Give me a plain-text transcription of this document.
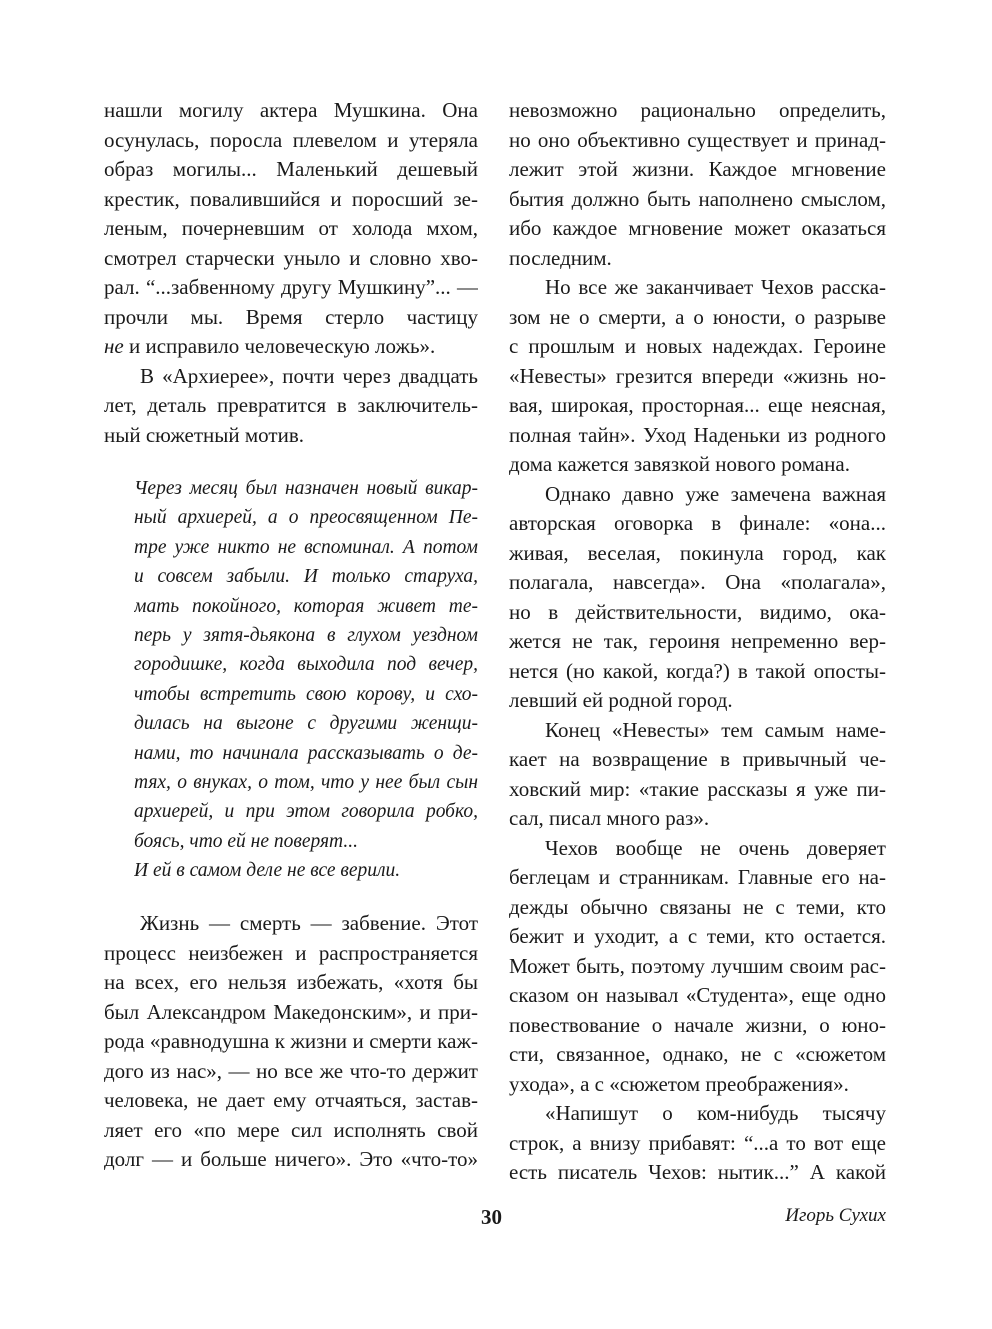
нашли могилу актера Мушкина. Она
осунулась, поросла плевелом и утеряла
образ могилы... Маленький дешевый
крестик, повалившийся и поросший зе-
леным, почерневшим от холода мхом,
смотрел старчески уныло и словно хво-
рал. “...забвенному другу Мушкину”... —
прочли мы. Время стерло частицу
не и исправило человеческую ложь».
В «Архиерее», почти через двадцать
лет, деталь превратится в заключитель-
ный сюжетный мотив.
Через месяц был назначен новый викар-
ный архиерей, а о преосвященном Пе-
тре уже никто не вспоминал. А потом
и совсем забыли. И только старуха,
мать покойного, которая живет те-
перь у зятя-дьякона в глухом уездном
городишке, когда выходила под вечер,
чтобы встретить свою корову, и схо-
дилась на выгоне с другими женщи-
нами, то начинала рассказывать о де-
тях, о внуках, о том, что у нее был сын
архиерей, и при этом говорила робко,
боясь, что ей не поверят...
И ей в самом деле не все верили.
Жизнь — смерть — забвение. Этот
процесс неизбежен и распространяется
на всех, его нельзя избежать, «хотя бы
был Александром Македонским», и при-
рода «равнодушна к жизни и смерти каж-
дого из нас», — но все же что-то держит
человека, не дает ему отчаяться, застав-
ляет его «по мере сил исполнять свой
долг — и больше ничего». Это «что-то»
невозможно рационально определить,
но оно объективно существует и принад-
лежит этой жизни. Каждое мгновение
бытия должно быть наполнено смыслом,
ибо каждое мгновение может оказаться
последним.
Но все же заканчивает Чехов расска-
зом не о смерти, а о юности, о разрыве
с прошлым и новых надеждах. Героине
«Невесты» грезится впереди «жизнь но-
вая, широкая, просторная... еще неясная,
полная тайн». Уход Наденьки из родного
дома кажется завязкой нового романа.
Однако давно уже замечена важная
авторская оговорка в финале: «она...
живая, веселая, покинула город, как
полагала, навсегда». Она «полагала»,
но в действительности, видимо, ока-
жется не так, героиня непременно вер-
нется (но какой, когда?) в такой опосты-
левший ей родной город.
Конец «Невесты» тем самым наме-
кает на возвращение в привычный че-
ховский мир: «такие рассказы я уже пи-
сал, писал много раз».
Чехов вообще не очень доверяет
беглецам и странникам. Главные его на-
дежды обычно связаны не с теми, кто
бежит и уходит, а с теми, кто остается.
Может быть, поэтому лучшим своим рас-
сказом он называл «Студента», еще одно
повествование о начале жизни, о юно-
сти, связанное, однако, не с «сюжетом
ухода», а с «сюжетом преображения».
«Напишут о ком-нибудь тысячу
строк, а внизу прибавят: “...а то вот еще
есть писатель Чехов: нытик...” А какой
30	Игорь Сухих
